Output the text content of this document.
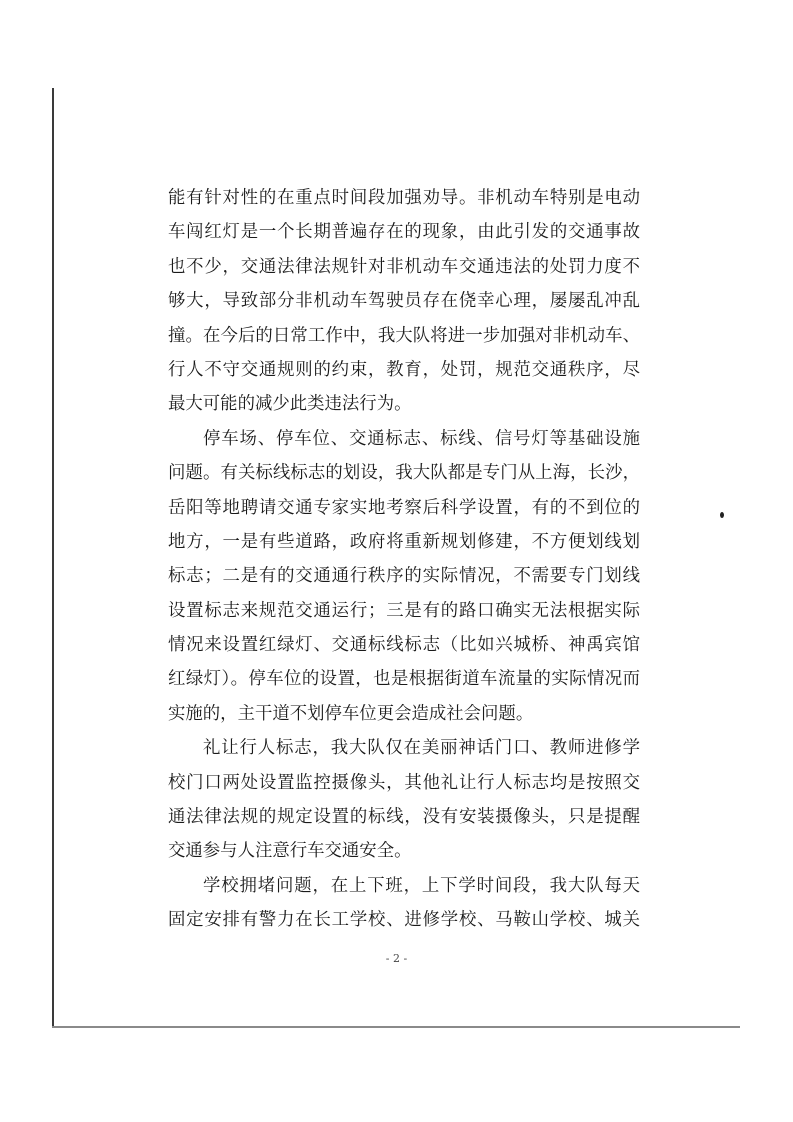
能有针对性的在重点时间段加强劝导。非机动车特别是电动
车闯红灯是一个长期普遍存在的现象，由此引发的交通事故
也不少，交通法律法规针对非机动车交通违法的处罚力度不
够大，导致部分非机动车驾驶员存在侥幸心理，屡屡乱冲乱
撞。在今后的日常工作中，我大队将进一步加强对非机动车、
行人不守交通规则的约束，教育，处罚，规范交通秩序，尽
最大可能的减少此类违法行为。
停车场、停车位、交通标志、标线、信号灯等基础设施
问题。有关标线标志的划设，我大队都是专门从上海，长沙，
岳阳等地聘请交通专家实地考察后科学设置，有的不到位的
地方，一是有些道路，政府将重新规划修建，不方便划线划
标志；二是有的交通通行秩序的实际情况，不需要专门划线
设置标志来规范交通运行；三是有的路口确实无法根据实际
情况来设置红绿灯、交通标线标志（比如兴城桥、神禹宾馆
红绿灯）。停车位的设置，也是根据街道车流量的实际情况而
实施的，主干道不划停车位更会造成社会问题。
礼让行人标志，我大队仅在美丽神话门口、教师进修学
校门口两处设置监控摄像头，其他礼让行人标志均是按照交
通法律法规的规定设置的标线，没有安装摄像头，只是提醒
交通参与人注意行车交通安全。
学校拥堵问题，在上下班，上下学时间段，我大队每天
固定安排有警力在长工学校、进修学校、马鞍山学校、城关
- 2 -
